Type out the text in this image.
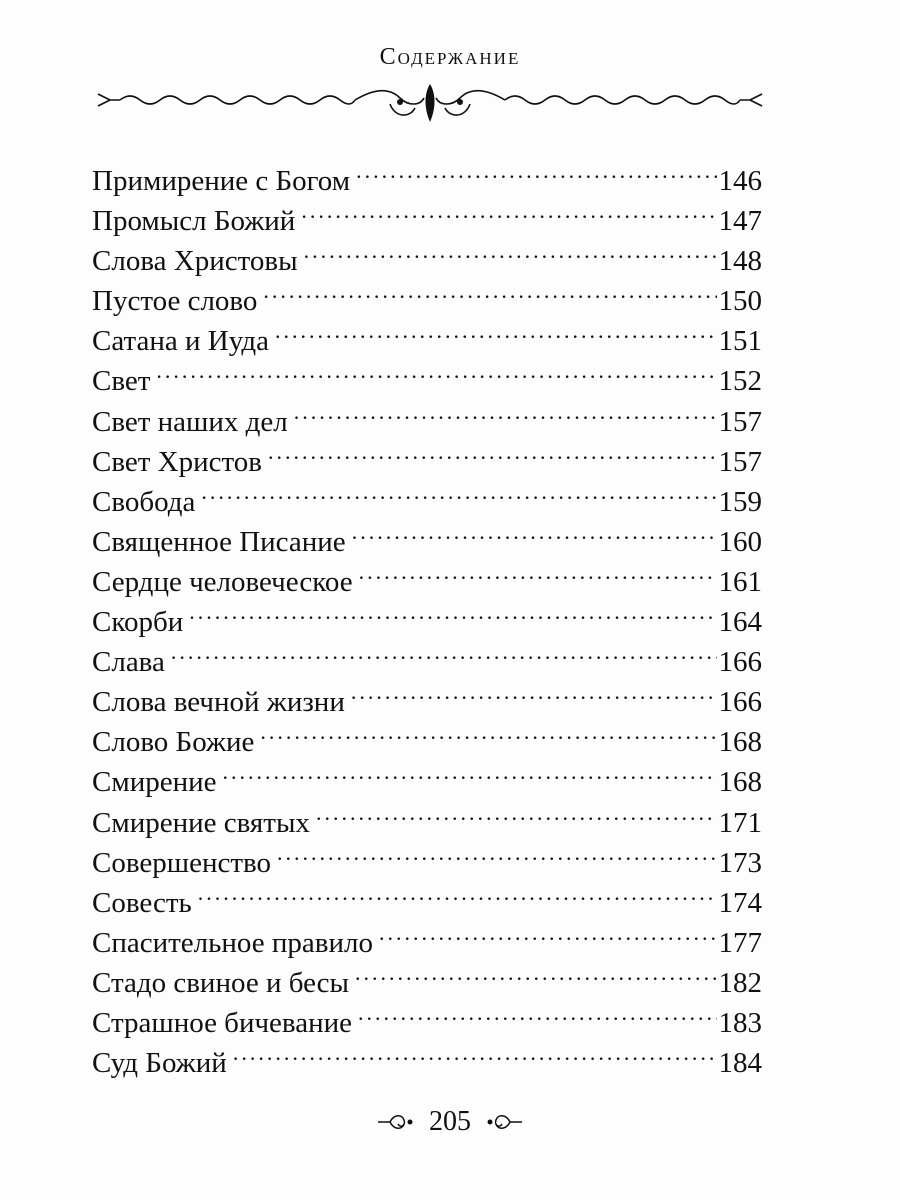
Содержание
Примирение с Богом .....	146
Промысл Божий .....	147
Слова Христовы .....	148
Пустое слово .....	150
Сатана и Иуда .....	151
Свет .....	152
Свет наших дел .....	157
Свет Христов .....	157
Свобода .....	159
Священное Писание .....	160
Сердце человеческое .....	161
Скорби .....	164
Слава .....	166
Слова вечной жизни .....	166
Слово Божие .....	168
Смирение .....	168
Смирение святых .....	171
Совершенство .....	173
Совесть .....	174
Спасительное правило .....	177
Стадо свиное и бесы .....	182
Страшное бичевание .....	183
Суд Божий .....	184
205
